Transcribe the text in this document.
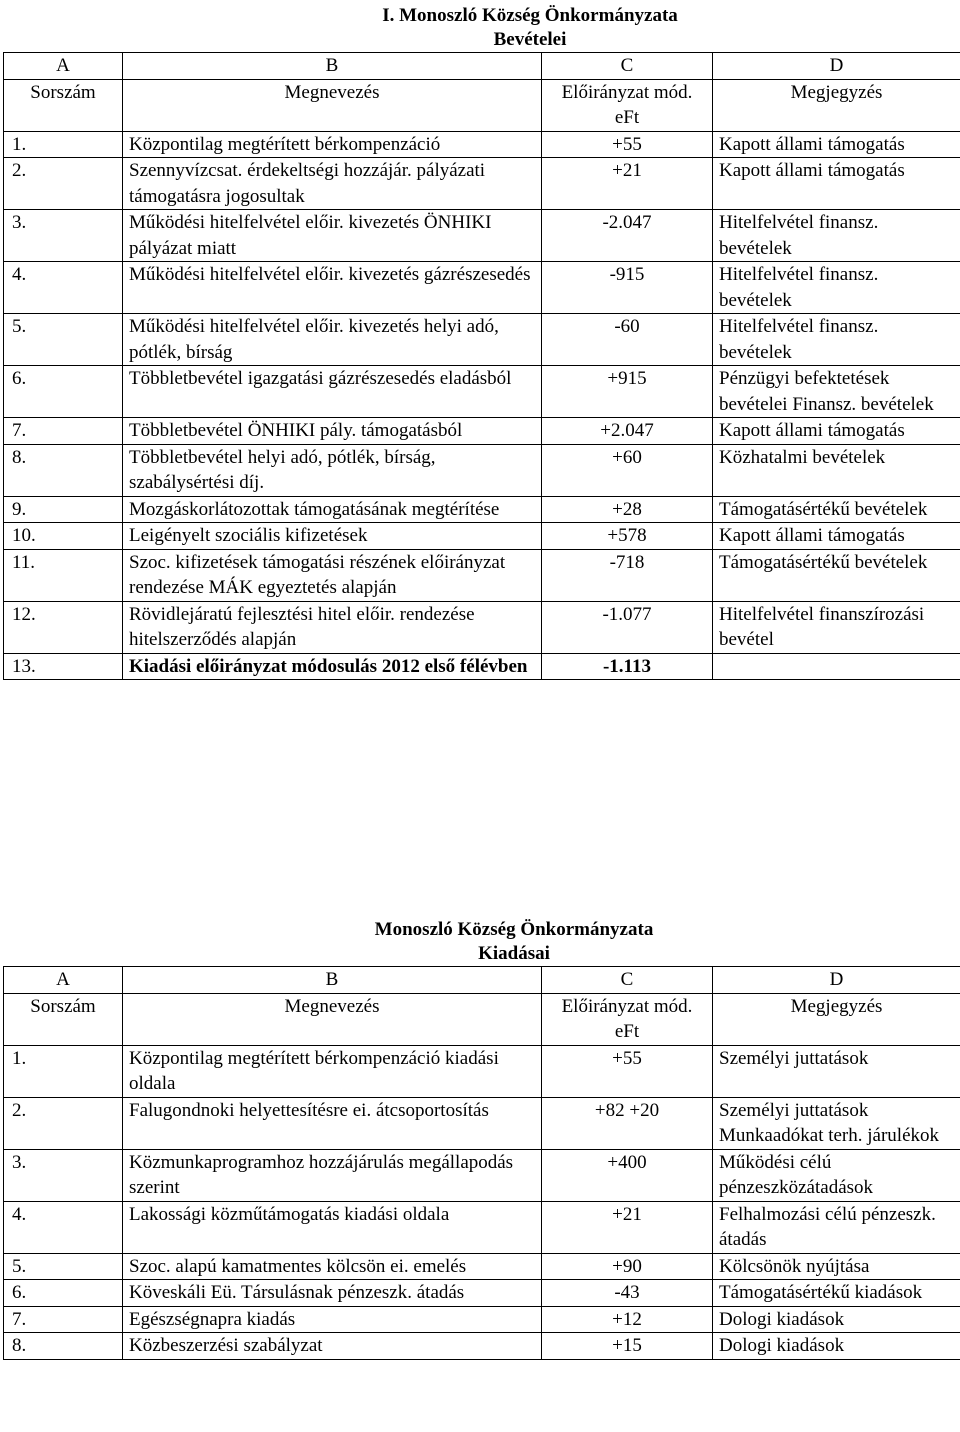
I. Monoszló Község Önkormányzata
Bevételei
A	B	C	D
Sorszám	Megnevezés	Előirányzat mód. eFt	Megjegyzés
1.	Központilag megtérített bérkompenzáció	+55	Kapott állami támogatás
2.	Szennyvízcsat. érdekeltségi hozzájár. pályázati támogatásra jogosultak	+21	Kapott állami támogatás
3.	Működési hitelfelvétel előir. kivezetés ÖNHIKI pályázat miatt	-2.047	Hitelfelvétel finansz. bevételek
4.	Működési hitelfelvétel előir. kivezetés gázrészesedés	-915	Hitelfelvétel finansz. bevételek
5.	Működési hitelfelvétel előir. kivezetés helyi adó, pótlék, bírság	-60	Hitelfelvétel finansz. bevételek
6.	Többletbevétel igazgatási gázrészesedés eladásból	+915	Pénzügyi befektetések bevételei Finansz. bevételek
7.	Többletbevétel ÖNHIKI pály. támogatásból	+2.047	Kapott állami támogatás
8.	Többletbevétel helyi adó, pótlék, bírság, szabálysértési díj.	+60	Közhatalmi bevételek
9.	Mozgáskorlátozottak támogatásának megtérítése	+28	Támogatásértékű bevételek
10.	Leigényelt szociális kifizetések	+578	Kapott állami támogatás
11.	Szoc. kifizetések támogatási részének előirányzat rendezése MÁK egyeztetés alapján	-718	Támogatásértékű bevételek
12.	Rövidlejáratú fejlesztési hitel előir. rendezése hitelszerződés alapján	-1.077	Hitelfelvétel finanszírozási bevétel
13.	Kiadási előirányzat módosulás 2012 első félévben	-1.113	
Monoszló Község Önkormányzata
Kiadásai
A	B	C	D
Sorszám	Megnevezés	Előirányzat mód. eFt	Megjegyzés
1.	Központilag megtérített bérkompenzáció kiadási oldala	+55	Személyi juttatások
2.	Falugondnoki helyettesítésre ei. átcsoportosítás	+82 +20	Személyi juttatások Munkaadókat terh. járulékok
3.	Közmunkaprogramhoz hozzájárulás megállapodás szerint	+400	Működési célú pénzeszközátadások
4.	Lakossági közműtámogatás kiadási oldala	+21	Felhalmozási célú pénzeszk. átadás
5.	Szoc. alapú kamatmentes kölcsön ei. emelés	+90	Kölcsönök nyújtása
6.	Köveskáli Eü. Társulásnak pénzeszk. átadás	-43	Támogatásértékű kiadások
7.	Egészségnapra kiadás	+12	Dologi kiadások
8.	Közbeszerzési szabályzat	+15	Dologi kiadások
